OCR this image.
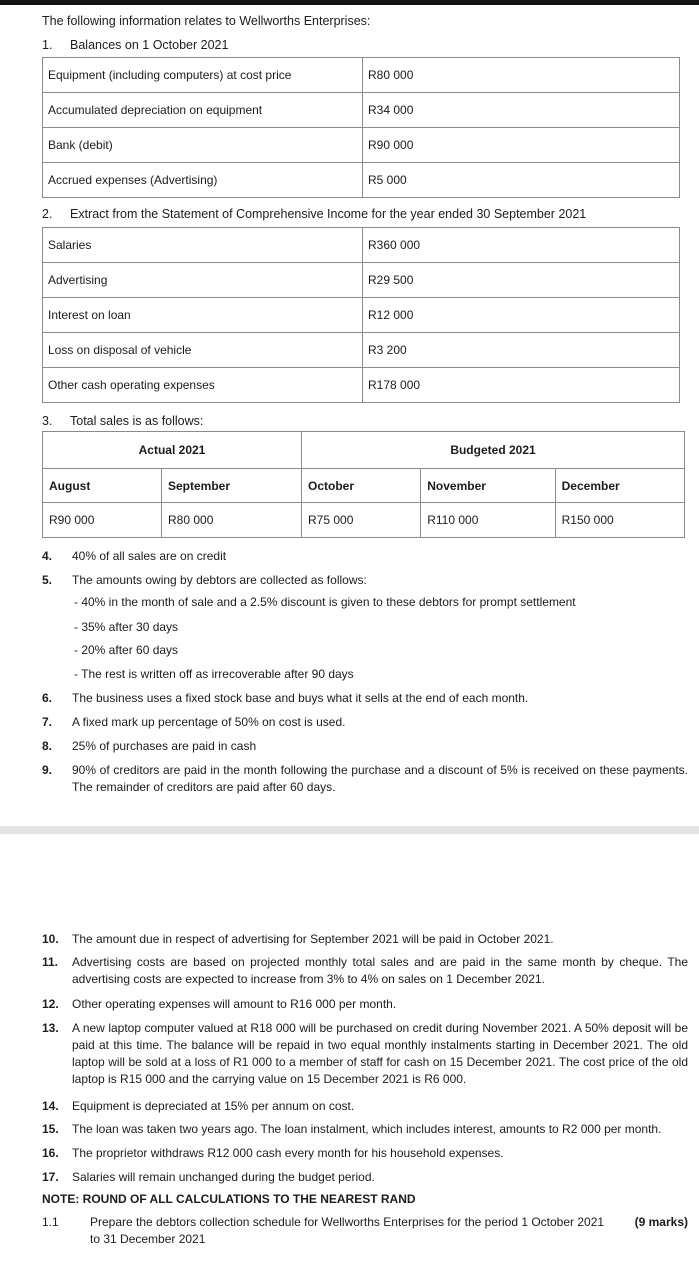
The following information relates to Wellworths Enterprises:
1. Balances on 1 October 2021
Equipment (including computers) at cost price	R80 000
Accumulated depreciation on equipment	R34 000
Bank (debit)	R90 000
Accrued expenses (Advertising)	R5 000
2. Extract from the Statement of Comprehensive Income for the year ended 30 September 2021
Salaries	R360 000
Advertising	R29 500
Interest on loan	R12 000
Loss on disposal of vehicle	R3 200
Other cash operating expenses	R178 000
3. Total sales is as follows:
Actual 2021		Budgeted 2021		
August	September	October	November	December
R90 000	R80 000	R75 000	R110 000	R150 000
4.	40% of all sales are on credit
5.	The amounts owing by debtors are collected as follows:
- 40% in the month of sale and a 2.5% discount is given to these debtors for prompt settlement
- 35% after 30 days
- 20% after 60 days
- The rest is written off as irrecoverable after 90 days
6.	The business uses a fixed stock base and buys what it sells at the end of each month.
7.	A fixed mark up percentage of 50% on cost is used.
8.	25% of purchases are paid in cash
9.	90% of creditors are paid in the month following the purchase and a discount of 5% is received on these payments. The remainder of creditors are paid after 60 days.
10.	The amount due in respect of advertising for September 2021 will be paid in October 2021.
11.	Advertising costs are based on projected monthly total sales and are paid in the same month by cheque. The advertising costs are expected to increase from 3% to 4% on sales on 1 December 2021.
12.	Other operating expenses will amount to R16 000 per month.
13.	A new laptop computer valued at R18 000 will be purchased on credit during November 2021. A 50% deposit will be paid at this time. The balance will be repaid in two equal monthly instalments starting in December 2021. The old laptop will be sold at a loss of R1 000 to a member of staff for cash on 15 December 2021. The cost price of the old laptop is R15 000 and the carrying value on 15 December 2021 is R6 000.
14.	Equipment is depreciated at 15% per annum on cost.
15.	The loan was taken two years ago. The loan instalment, which includes interest, amounts to R2 000 per month.
16.	The proprietor withdraws R12 000 cash every month for his household expenses.
17.	Salaries will remain unchanged during the budget period.
NOTE: ROUND OF ALL CALCULATIONS TO THE NEAREST RAND
1.1	Prepare the debtors collection schedule for Wellworths Enterprises for the period 1 October 2021 to 31 December 2021
(9 marks)
